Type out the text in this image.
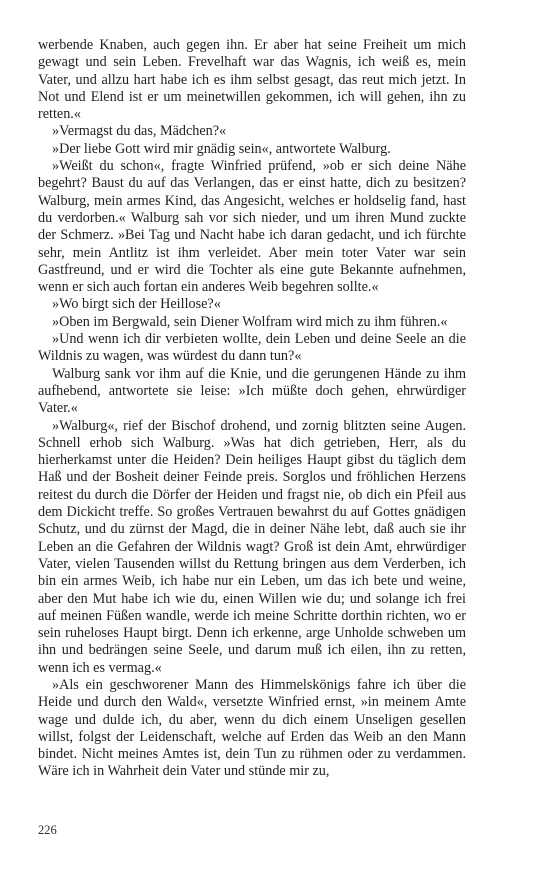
werbende Knaben, auch gegen ihn. Er aber hat seine Freiheit um mich gewagt und sein Leben. Frevelhaft war das Wagnis, ich weiß es, mein Vater, und allzu hart habe ich es ihm selbst gesagt, das reut mich jetzt. In Not und Elend ist er um meinetwillen gekommen, ich will gehen, ihn zu retten.«

»Vermagst du das, Mädchen?«

»Der liebe Gott wird mir gnädig sein«, antwortete Walburg.

»Weißt du schon«, fragte Winfried prüfend, »ob er sich deine Nähe begehrt? Baust du auf das Verlangen, das er einst hatte, dich zu besitzen? Walburg, mein armes Kind, das Angesicht, welches er holdselig fand, hast du verdorben.« Walburg sah vor sich nieder, und um ihren Mund zuckte der Schmerz. »Bei Tag und Nacht habe ich daran gedacht, und ich fürchte sehr, mein Antlitz ist ihm verleidet. Aber mein toter Vater war sein Gastfreund, und er wird die Tochter als eine gute Bekannte aufnehmen, wenn er sich auch fortan ein anderes Weib begehren sollte.«

»Wo birgt sich der Heillose?«

»Oben im Bergwald, sein Diener Wolfram wird mich zu ihm führen.«

»Und wenn ich dir verbieten wollte, dein Leben und deine Seele an die Wildnis zu wagen, was würdest du dann tun?«

Walburg sank vor ihm auf die Knie, und die gerungenen Hände zu ihm aufhebend, antwortete sie leise: »Ich müßte doch gehen, ehrwürdiger Vater.«

»Walburg«, rief der Bischof drohend, und zornig blitzten seine Augen. Schnell erhob sich Walburg. »Was hat dich getrieben, Herr, als du hierherkamst unter die Heiden? Dein heiliges Haupt gibst du täglich dem Haß und der Bosheit deiner Feinde preis. Sorglos und fröhlichen Herzens reitest du durch die Dörfer der Heiden und fragst nie, ob dich ein Pfeil aus dem Dickicht treffe. So großes Vertrauen bewahrst du auf Gottes gnädigen Schutz, und du zürnst der Magd, die in deiner Nähe lebt, daß auch sie ihr Leben an die Gefahren der Wildnis wagt? Groß ist dein Amt, ehrwürdiger Vater, vielen Tausenden willst du Rettung bringen aus dem Verderben, ich bin ein armes Weib, ich habe nur ein Leben, um das ich bete und weine, aber den Mut habe ich wie du, einen Willen wie du; und solange ich frei auf meinen Füßen wandle, werde ich meine Schritte dorthin richten, wo er sein ruheloses Haupt birgt. Denn ich erkenne, arge Unholde schweben um ihn und bedrängen seine Seele, und darum muß ich eilen, ihn zu retten, wenn ich es vermag.«

»Als ein geschworener Mann des Himmelskönigs fahre ich über die Heide und durch den Wald«, versetzte Winfried ernst, »in meinem Amte wage und dulde ich, du aber, wenn du dich einem Unseligen gesellen willst, folgst der Leidenschaft, welche auf Erden das Weib an den Mann bindet. Nicht meines Amtes ist, dein Tun zu rühmen oder zu verdammen. Wäre ich in Wahrheit dein Vater und stünde mir zu,

226
